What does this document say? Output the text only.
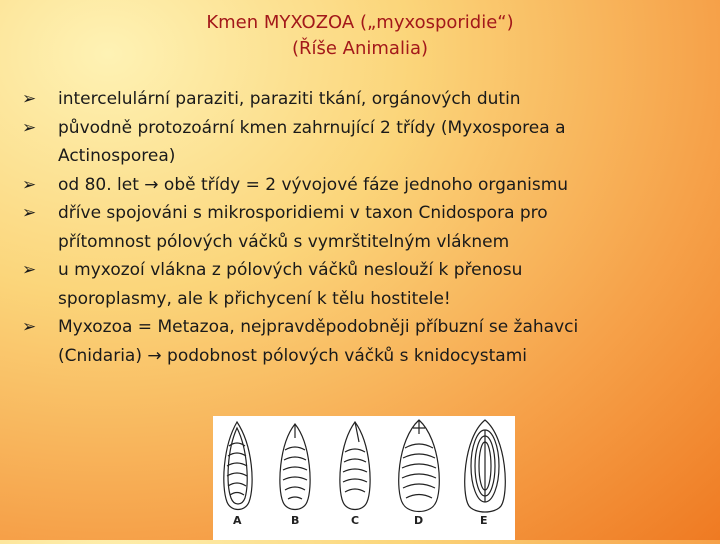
Kmen MYXOZOA („myxosporidie“)
(Říše Animalia)
➢ intercelulární paraziti, paraziti tkání, orgánových dutin
➢ původně protozoární kmen zahrnující 2 třídy (Myxosporea a
Actinosporea)
➢ od 80. let → obě třídy = 2 vývojové fáze jednoho organismu
➢ dříve spojováni s mikrosporidiemi v taxon Cnidospora pro
přítomnost pólových váčků s vymrštitelným vláknem
➢ u myxozoí vlákna z pólových váčků neslouží k přenosu
sporoplasmy, ale k přichycení k tělu hostitele!
➢ Myxozoa = Metazoa, nejpravděpodobněji příbuzní se žahavci
(Cnidaria) → podobnost pólových váčků s knidocystami
A	B	C	D	E
